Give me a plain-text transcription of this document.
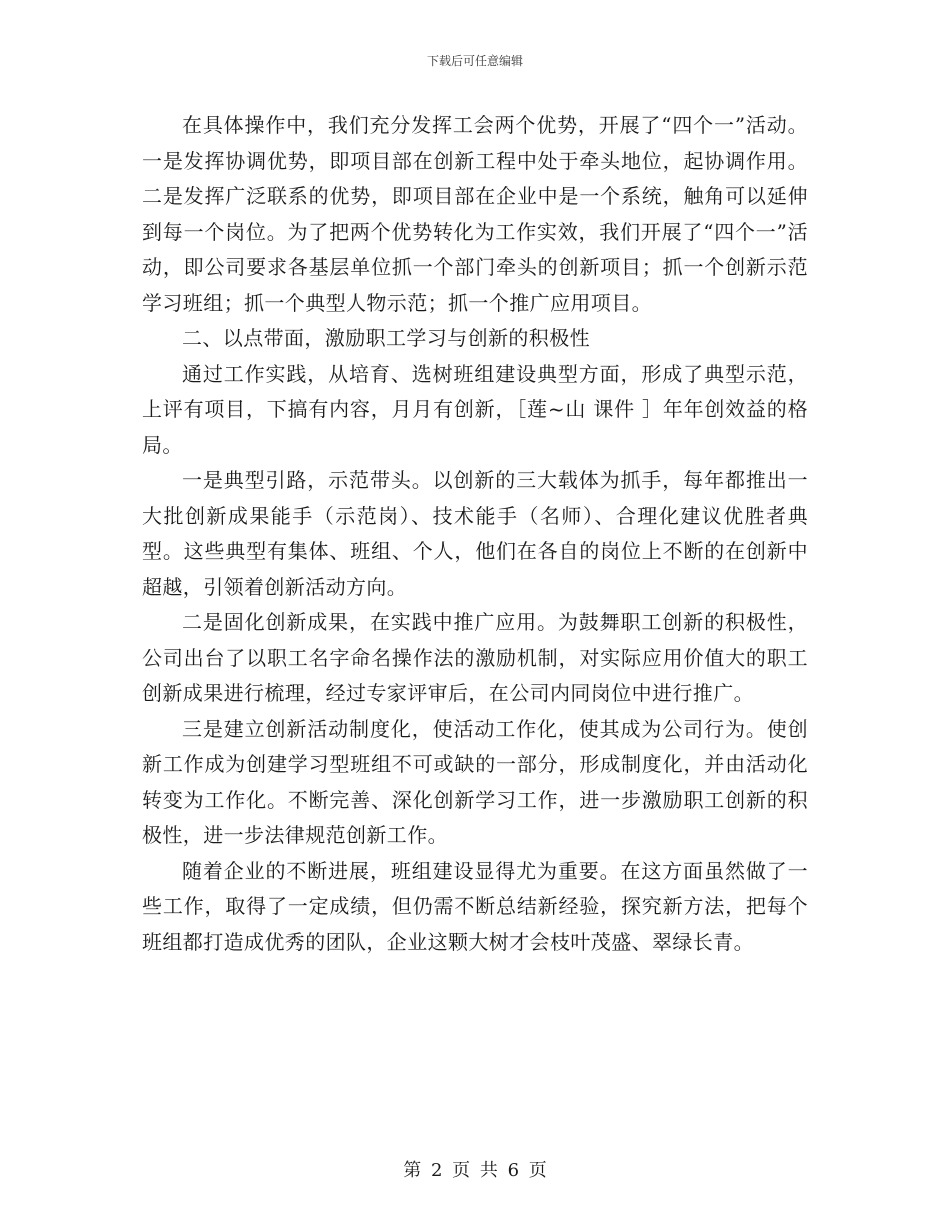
下载后可任意编辑

在具体操作中，我们充分发挥工会两个优势，开展了“四个一”活动。一是发挥协调优势，即项目部在创新工程中处于牵头地位，起协调作用。二是发挥广泛联系的优势，即项目部在企业中是一个系统，触角可以延伸到每一个岗位。为了把两个优势转化为工作实效，我们开展了“四个一”活动，即公司要求各基层单位抓一个部门牵头的创新项目；抓一个创新示范学习班组；抓一个典型人物示范；抓一个推广应用项目。

二、以点带面，激励职工学习与创新的积极性

通过工作实践，从培育、选树班组建设典型方面，形成了典型示范，上评有项目，下搞有内容，月月有创新，［莲~山 课件 ］年年创效益的格局。

一是典型引路，示范带头。以创新的三大载体为抓手，每年都推出一大批创新成果能手（示范岗）、技术能手（名师）、合理化建议优胜者典型。这些典型有集体、班组、个人，他们在各自的岗位上不断的在创新中超越，引领着创新活动方向。

二是固化创新成果，在实践中推广应用。为鼓舞职工创新的积极性，公司出台了以职工名字命名操作法的激励机制，对实际应用价值大的职工创新成果进行梳理，经过专家评审后，在公司内同岗位中进行推广。

三是建立创新活动制度化，使活动工作化，使其成为公司行为。使创新工作成为创建学习型班组不可或缺的一部分，形成制度化，并由活动化转变为工作化。不断完善、深化创新学习工作，进一步激励职工创新的积极性，进一步法律规范创新工作。

随着企业的不断进展，班组建设显得尤为重要。在这方面虽然做了一些工作，取得了一定成绩，但仍需不断总结新经验，探究新方法，把每个班组都打造成优秀的团队，企业这颗大树才会枝叶茂盛、翠绿长青。

第 2 页 共 6 页
